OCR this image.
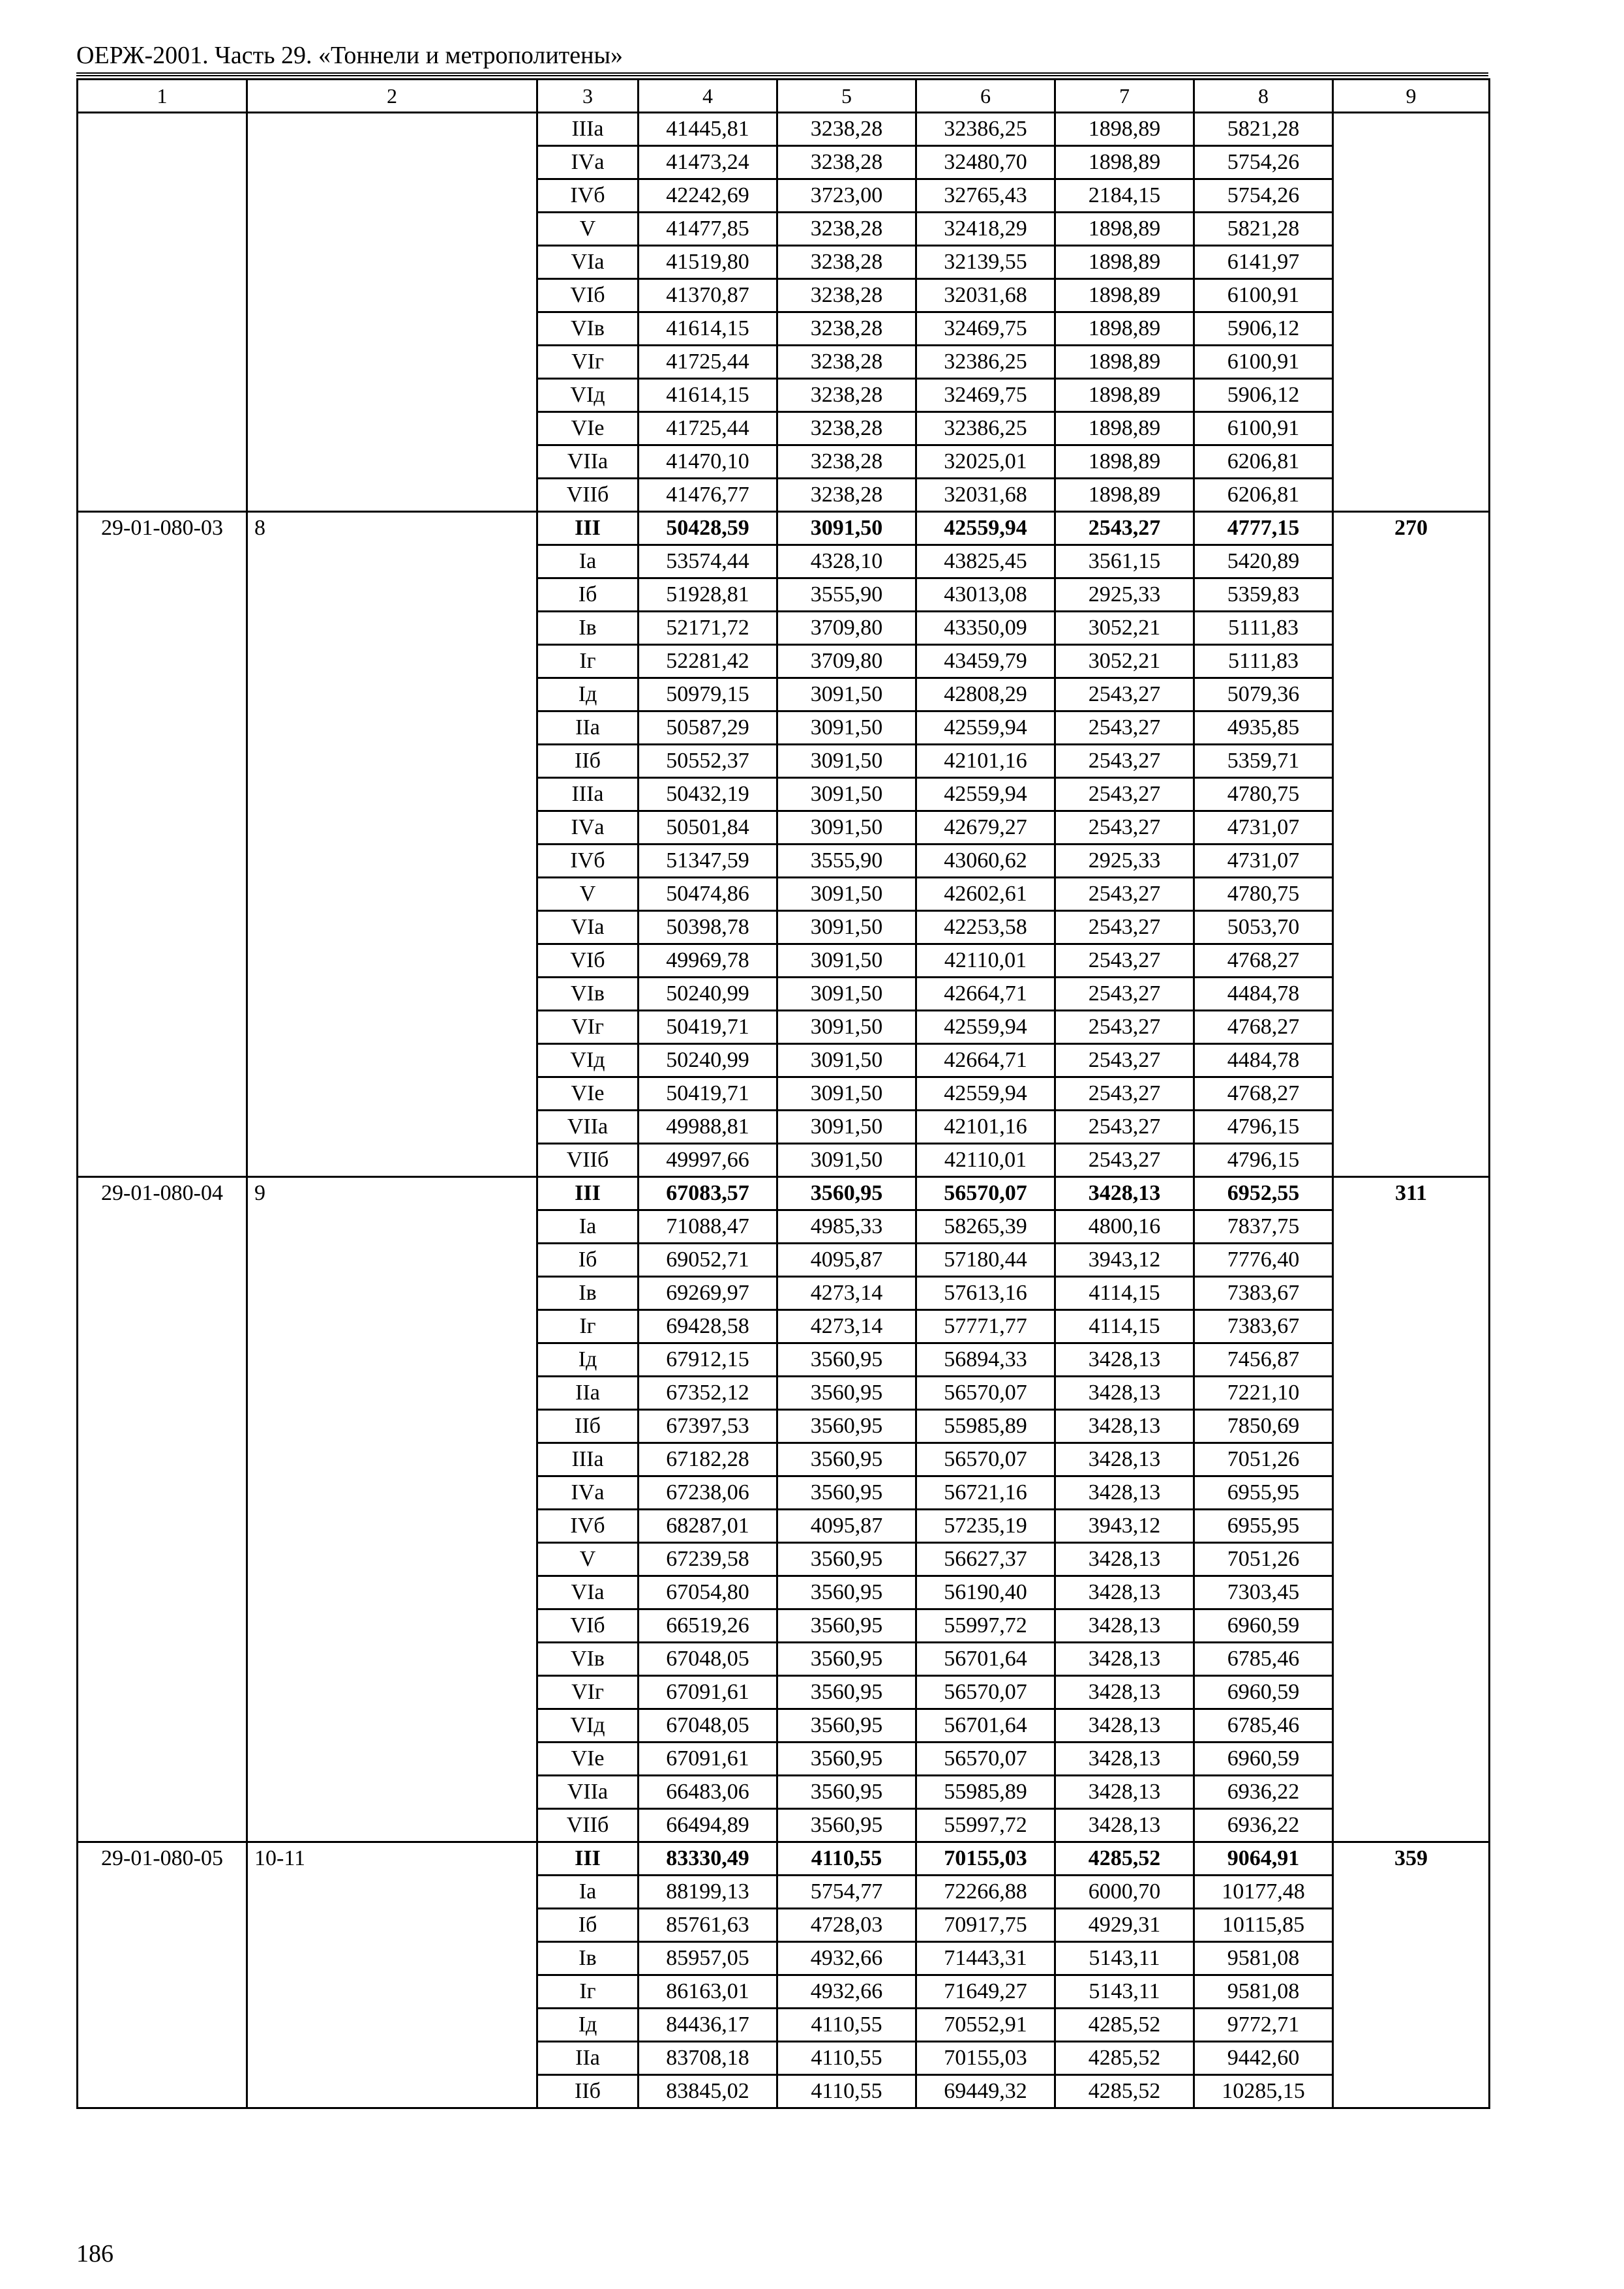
ОЕРЖ-2001. Часть 29. «Тоннели и метрополитены»
1	2	3	4	5	6	7	8	9
		IIIа	41445,81	3238,28	32386,25	1898,89	5821,28	
		IVа	41473,24	3238,28	32480,70	1898,89	5754,26	
		IVб	42242,69	3723,00	32765,43	2184,15	5754,26	
		V	41477,85	3238,28	32418,29	1898,89	5821,28	
		VIа	41519,80	3238,28	32139,55	1898,89	6141,97	
		VIб	41370,87	3238,28	32031,68	1898,89	6100,91	
		VIв	41614,15	3238,28	32469,75	1898,89	5906,12	
		VIг	41725,44	3238,28	32386,25	1898,89	6100,91	
		VIд	41614,15	3238,28	32469,75	1898,89	5906,12	
		VIе	41725,44	3238,28	32386,25	1898,89	6100,91	
		VIIа	41470,10	3238,28	32025,01	1898,89	6206,81	
		VIIб	41476,77	3238,28	32031,68	1898,89	6206,81	
29-01-080-03	8	III	50428,59	3091,50	42559,94	2543,27	4777,15	270
		Iа	53574,44	4328,10	43825,45	3561,15	5420,89	
		Iб	51928,81	3555,90	43013,08	2925,33	5359,83	
		Iв	52171,72	3709,80	43350,09	3052,21	5111,83	
		Iг	52281,42	3709,80	43459,79	3052,21	5111,83	
		Iд	50979,15	3091,50	42808,29	2543,27	5079,36	
		IIа	50587,29	3091,50	42559,94	2543,27	4935,85	
		IIб	50552,37	3091,50	42101,16	2543,27	5359,71	
		IIIа	50432,19	3091,50	42559,94	2543,27	4780,75	
		IVа	50501,84	3091,50	42679,27	2543,27	4731,07	
		IVб	51347,59	3555,90	43060,62	2925,33	4731,07	
		V	50474,86	3091,50	42602,61	2543,27	4780,75	
		VIа	50398,78	3091,50	42253,58	2543,27	5053,70	
		VIб	49969,78	3091,50	42110,01	2543,27	4768,27	
		VIв	50240,99	3091,50	42664,71	2543,27	4484,78	
		VIг	50419,71	3091,50	42559,94	2543,27	4768,27	
		VIд	50240,99	3091,50	42664,71	2543,27	4484,78	
		VIе	50419,71	3091,50	42559,94	2543,27	4768,27	
		VIIа	49988,81	3091,50	42101,16	2543,27	4796,15	
		VIIб	49997,66	3091,50	42110,01	2543,27	4796,15	
29-01-080-04	9	III	67083,57	3560,95	56570,07	3428,13	6952,55	311
		Iа	71088,47	4985,33	58265,39	4800,16	7837,75	
		Iб	69052,71	4095,87	57180,44	3943,12	7776,40	
		Iв	69269,97	4273,14	57613,16	4114,15	7383,67	
		Iг	69428,58	4273,14	57771,77	4114,15	7383,67	
		Iд	67912,15	3560,95	56894,33	3428,13	7456,87	
		IIа	67352,12	3560,95	56570,07	3428,13	7221,10	
		IIб	67397,53	3560,95	55985,89	3428,13	7850,69	
		IIIа	67182,28	3560,95	56570,07	3428,13	7051,26	
		IVа	67238,06	3560,95	56721,16	3428,13	6955,95	
		IVб	68287,01	4095,87	57235,19	3943,12	6955,95	
		V	67239,58	3560,95	56627,37	3428,13	7051,26	
		VIа	67054,80	3560,95	56190,40	3428,13	7303,45	
		VIб	66519,26	3560,95	55997,72	3428,13	6960,59	
		VIв	67048,05	3560,95	56701,64	3428,13	6785,46	
		VIг	67091,61	3560,95	56570,07	3428,13	6960,59	
		VIд	67048,05	3560,95	56701,64	3428,13	6785,46	
		VIе	67091,61	3560,95	56570,07	3428,13	6960,59	
		VIIа	66483,06	3560,95	55985,89	3428,13	6936,22	
		VIIб	66494,89	3560,95	55997,72	3428,13	6936,22	
29-01-080-05	10-11	III	83330,49	4110,55	70155,03	4285,52	9064,91	359
		Iа	88199,13	5754,77	72266,88	6000,70	10177,48	
		Iб	85761,63	4728,03	70917,75	4929,31	10115,85	
		Iв	85957,05	4932,66	71443,31	5143,11	9581,08	
		Iг	86163,01	4932,66	71649,27	5143,11	9581,08	
		Iд	84436,17	4110,55	70552,91	4285,52	9772,71	
		IIа	83708,18	4110,55	70155,03	4285,52	9442,60	
		IIб	83845,02	4110,55	69449,32	4285,52	10285,15	
186
